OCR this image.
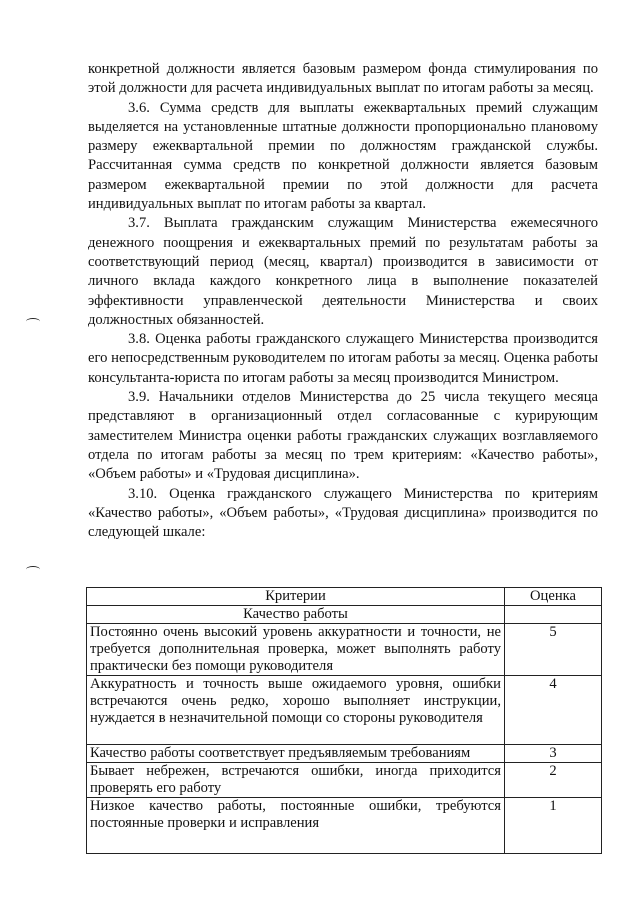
конкретной должности является базовым размером фонда стимулирования по этой должности для расчета индивидуальных выплат по итогам работы за месяц.

3.6. Сумма средств для выплаты ежеквартальных премий служащим выделяется на установленные штатные должности пропорционально плановому размеру ежеквартальной премии по должностям гражданской службы. Рассчитанная сумма средств по конкретной должности является базовым размером ежеквартальной премии по этой должности для расчета индивидуальных выплат по итогам работы за квартал.

3.7. Выплата гражданским служащим Министерства ежемесячного денежного поощрения и ежеквартальных премий по результатам работы за соответствующий период (месяц, квартал) производится в зависимости от личного вклада каждого конкретного лица в выполнение показателей эффективности управленческой деятельности Министерства и своих должностных обязанностей.

3.8. Оценка работы гражданского служащего Министерства производится его непосредственным руководителем по итогам работы за месяц. Оценка работы консультанта-юриста по итогам работы за месяц производится Министром.

3.9. Начальники отделов Министерства до 25 числа текущего месяца представляют в организационный отдел согласованные с курирующим заместителем Министра оценки работы гражданских служащих возглавляемого отдела по итогам работы за месяц по трем критериям: «Качество работы», «Объем работы» и «Трудовая дисциплина».

3.10. Оценка гражданского служащего Министерства по критериям «Качество работы», «Объем работы», «Трудовая дисциплина» производится по следующей шкале:

Критерии	Оценка
Качество работы	
Постоянно очень высокий уровень аккуратности и точности, не требуется дополнительная проверка, может выполнять работу практически без помощи руководителя	5
Аккуратность и точность выше ожидаемого уровня, ошибки встречаются очень редко, хорошо выполняет инструкции, нуждается в незначительной помощи со стороны руководителя	4
Качество работы соответствует предъявляемым требованиям	3
Бывает небрежен, встречаются ошибки, иногда приходится проверять его работу	2
Низкое качество работы, постоянные ошибки, требуются постоянные проверки и исправления	1
